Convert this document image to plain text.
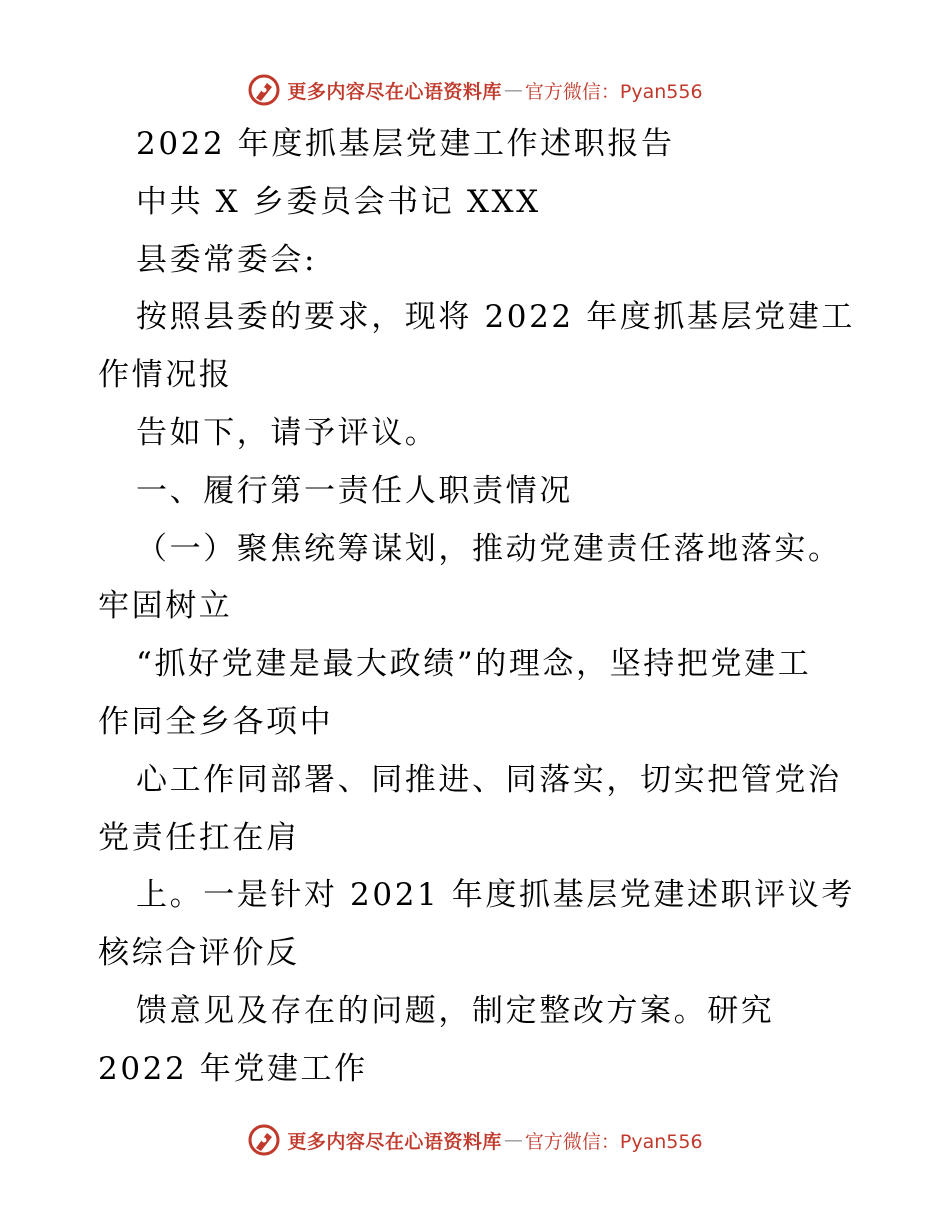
更多内容尽在心语资料库 — 官方微信：Pyan556
2022 年度抓基层党建工作述职报告
中共 X 乡委员会书记 XXX
县委常委会:
按照县委的要求，现将 2022 年度抓基层党建工
作情况报
告如下，请予评议。
一、履行第一责任人职责情况
（一）聚焦统筹谋划，推动党建责任落地落实。
牢固树立
“抓好党建是最大政绩”的理念，坚持把党建工
作同全乡各项中
心工作同部署、同推进、同落实，切实把管党治
党责任扛在肩
上。一是针对 2021 年度抓基层党建述职评议考
核综合评价反
馈意见及存在的问题，制定整改方案。研究
2022 年党建工作
更多内容尽在心语资料库 — 官方微信：Pyan556
